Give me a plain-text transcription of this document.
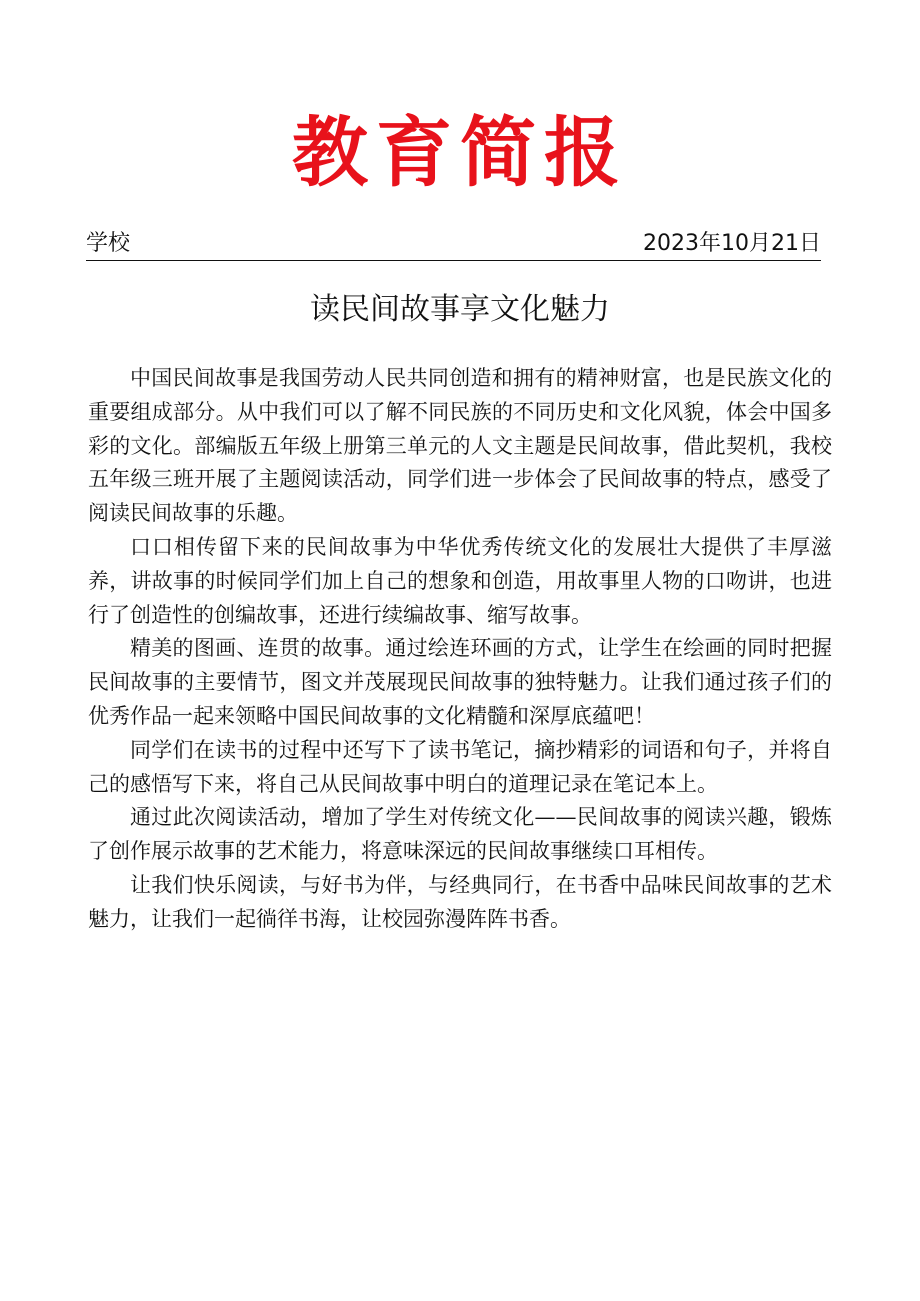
教育简报
学校	2023年10月21日
读民间故事享文化魅力

中国民间故事是我国劳动人民共同创造和拥有的精神财富，也是民族文化的重要组成部分。从中我们可以了解不同民族的不同历史和文化风貌，体会中国多彩的文化。部编版五年级上册第三单元的人文主题是民间故事，借此契机，我校五年级三班开展了主题阅读活动，同学们进一步体会了民间故事的特点，感受了阅读民间故事的乐趣。

口口相传留下来的民间故事为中华优秀传统文化的发展壮大提供了丰厚滋养，讲故事的时候同学们加上自己的想象和创造，用故事里人物的口吻讲，也进行了创造性的创编故事，还进行续编故事、缩写故事。

精美的图画、连贯的故事。通过绘连环画的方式，让学生在绘画的同时把握民间故事的主要情节，图文并茂展现民间故事的独特魅力。让我们通过孩子们的优秀作品一起来领略中国民间故事的文化精髓和深厚底蕴吧！

同学们在读书的过程中还写下了读书笔记，摘抄精彩的词语和句子，并将自己的感悟写下来，将自己从民间故事中明白的道理记录在笔记本上。

通过此次阅读活动，增加了学生对传统文化——民间故事的阅读兴趣，锻炼了创作展示故事的艺术能力，将意味深远的民间故事继续口耳相传。

让我们快乐阅读，与好书为伴，与经典同行，在书香中品味民间故事的艺术魅力，让我们一起徜徉书海，让校园弥漫阵阵书香。
